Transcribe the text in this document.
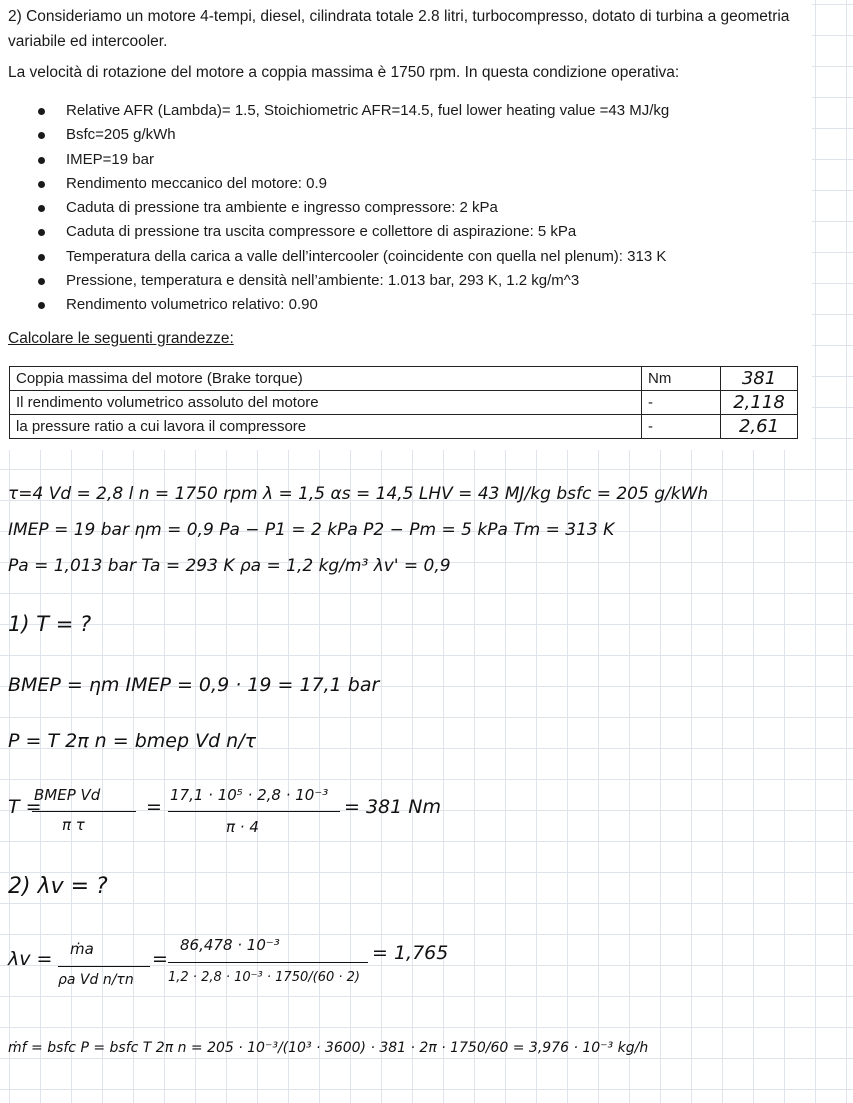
2) Consideriamo un motore 4-tempi, diesel, cilindrata totale 2.8 litri, turbocompresso, dotato di turbina a geometria variabile ed intercooler.

La velocità di rotazione del motore a coppia massima è 1750 rpm. In questa condizione operativa:

Relative AFR (Lambda)= 1.5, Stoichiometric AFR=14.5, fuel lower heating value =43 MJ/kg
Bsfc=205 g/kWh
IMEP=19 bar
Rendimento meccanico del motore: 0.9
Caduta di pressione tra ambiente e ingresso compressore: 2 kPa
Caduta di pressione tra uscita compressore e collettore di aspirazione: 5 kPa
Temperatura della carica a valle dell’intercooler (coincidente con quella nel plenum): 313 K
Pressione, temperatura e densità nell’ambiente: 1.013 bar, 293 K, 1.2 kg/m^3
Rendimento volumetrico relativo: 0.90

Calcolare le seguenti grandezze:

Coppia massima del motore (Brake torque)	Nm	381
Il rendimento volumetrico assoluto del motore	-	2,118
la pressure ratio a cui lavora il compressore	-	2,61

τ=4 Vd = 2,8 l n = 1750 rpm λ = 1,5 αs = 14,5 LHV = 43 MJ/kg bsfc = 205 g/kWh

IMEP = 19 bar ηm = 0,9 Pa − P1 = 2 kPa P2 − Pm = 5 kPa Tm = 313 K

Pa = 1,013 bar Ta = 293 K ρa = 1,2 kg/m³ λv' = 0,9

1) T = ?

BMEP = ηm IMEP = 0,9 · 19 = 17,1 bar

P = T 2π n = bmep Vd n/τ

T =

BMEP Vd

π τ

=

17,1 · 10⁵ · 2,8 · 10⁻³

π · 4

= 381 Nm

2) λv = ?

λv = ṁa

ρa Vd n/τn

=

86,478 · 10⁻³

1,2 · 2,8 · 10⁻³ · 1750/(60 · 2)

= 1,765

ṁf = bsfc P = bsfc T 2π n = 205 · 10⁻³/(10³ · 3600) · 381 · 2π · 1750/60 = 3,976 · 10⁻³ kg/h
